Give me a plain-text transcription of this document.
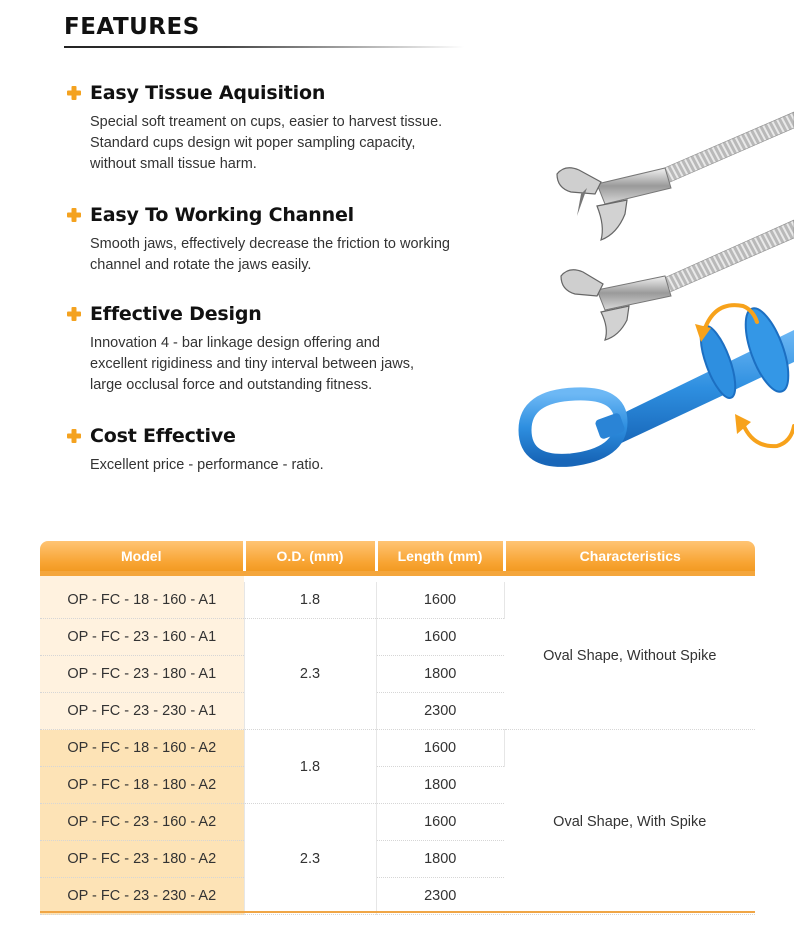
FEATURES
Easy Tissue Aquisition
Special soft treament on cups, easier to harvest tissue.
Standard cups design wit poper sampling capacity,
without small tissue harm.
Easy To Working Channel
Smooth jaws, effectively decrease the friction to working
channel and rotate the jaws easily.
Effective Design
Innovation 4 - bar linkage design offering and
excellent rigidiness and tiny interval between jaws,
large occlusal force and outstanding fitness.
Cost Effective
Excellent price - performance - ratio.
Model	O.D. (mm)	Length (mm)	Characteristics

OP - FC - 18 - 160 - A1	1.8	1600	Oval Shape, Without Spike
OP - FC - 23 - 160 - A1	2.3	1600	
OP - FC - 23 - 180 - A1		1800	
OP - FC - 23 - 230 - A1		2300	
OP - FC - 18 - 160 - A2	1.8	1600	Oval Shape, With Spike
OP - FC - 18 - 180 - A2		1800	
OP - FC - 23 - 160 - A2	2.3	1600	
OP - FC - 23 - 180 - A2		1800	
OP - FC - 23 - 230 - A2		2300	
